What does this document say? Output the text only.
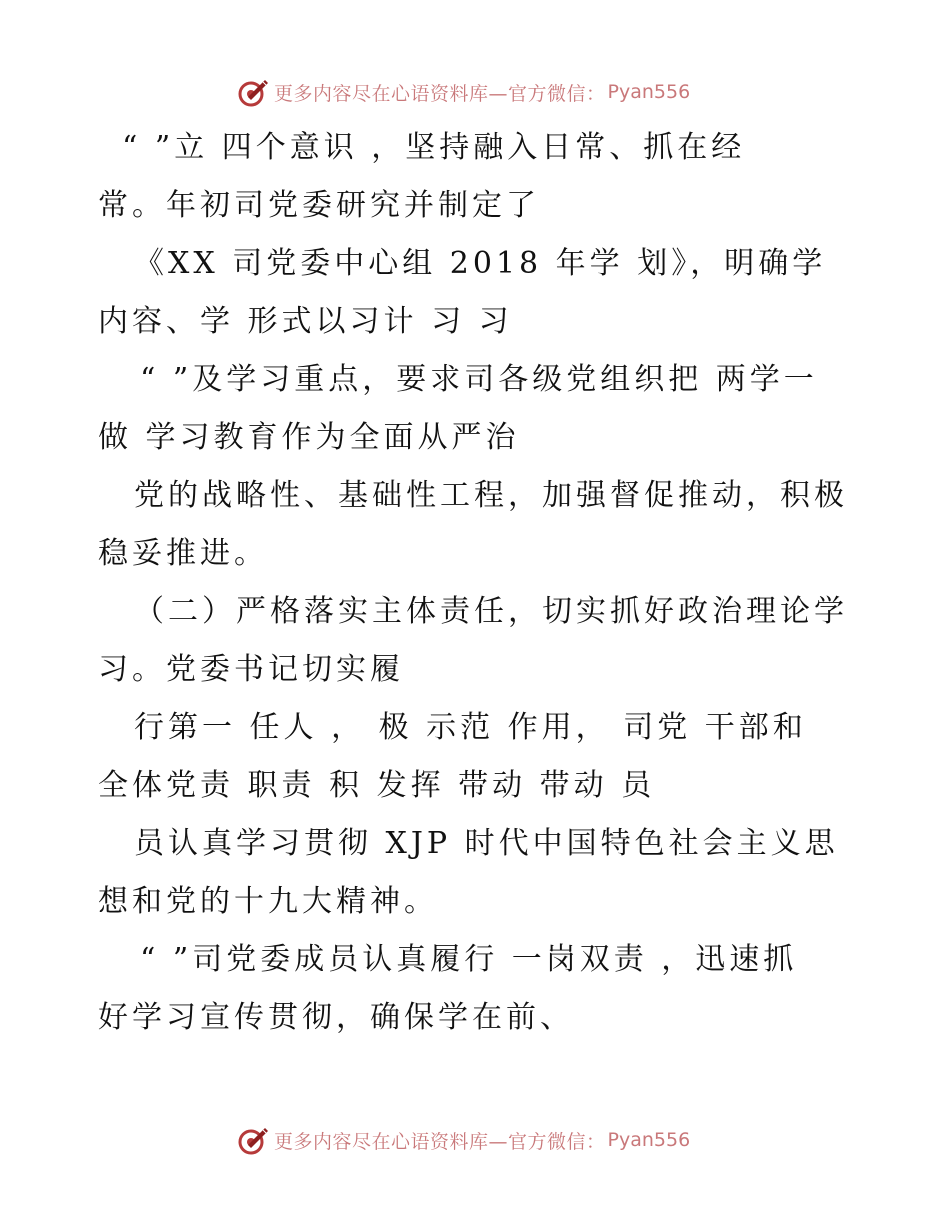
更多内容尽在心语资料库—官方微信： Pyan556
“ ”立 四个意识 ，坚持融入日常、抓在经
常。年初司党委研究并制定了
《XX 司党委中心组 2018 年学 划》，明确学
内容、学 形式以习计 习 习
“ ”及学习重点，要求司各级党组织把 两学一
做 学习教育作为全面从严治
党的战略性、基础性工程，加强督促推动，积极
稳妥推进。
（二）严格落实主体责任，切实抓好政治理论学
习。党委书记切实履
行第一 任人 ， 极 示范 作用， 司党 干部和
全体党责 职责 积 发挥 带动 带动 员
员认真学习贯彻 XJP 时代中国特色社会主义思
想和党的十九大精神。
“ ”司党委成员认真履行 一岗双责 ，迅速抓
好学习宣传贯彻，确保学在前、
更多内容尽在心语资料库—官方微信： Pyan556
